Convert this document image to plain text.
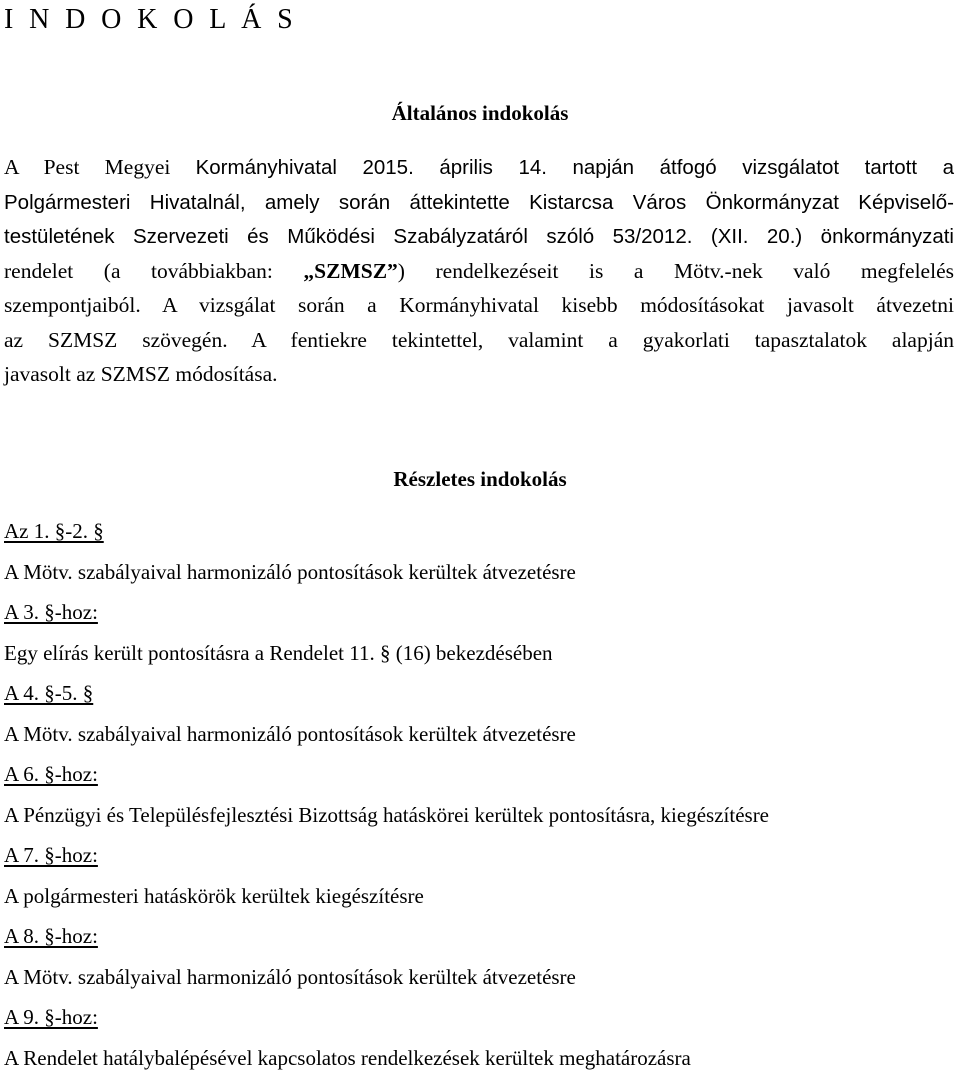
I N D O K O L Á S
Általános indokolás
A Pest Megyei Kormányhivatal 2015. április 14. napján átfogó vizsgálatot tartott a
Polgármesteri Hivatalnál, amely során áttekintette Kistarcsa Város Önkormányzat Képviselő-
testületének Szervezeti és Működési Szabályzatáról szóló 53/2012. (XII. 20.) önkormányzati
rendelet (a továbbiakban: „SZMSZ”) rendelkezéseit is a Mötv.-nek való megfelelés
szempontjaiból. A vizsgálat során a Kormányhivatal kisebb módosításokat javasolt átvezetni
az SZMSZ szövegén. A fentiekre tekintettel, valamint a gyakorlati tapasztalatok alapján
javasolt az SZMSZ módosítása.
Részletes indokolás
Az 1. §-2. §
A Mötv. szabályaival harmonizáló pontosítások kerültek átvezetésre
A 3. §-hoz:
Egy elírás került pontosításra a Rendelet 11. § (16) bekezdésében
A 4. §-5. §
A Mötv. szabályaival harmonizáló pontosítások kerültek átvezetésre
A 6. §-hoz:
A Pénzügyi és Településfejlesztési Bizottság hatáskörei kerültek pontosításra, kiegészítésre
A 7. §-hoz:
A polgármesteri hatáskörök kerültek kiegészítésre
A 8. §-hoz:
A Mötv. szabályaival harmonizáló pontosítások kerültek átvezetésre
A 9. §-hoz:
A Rendelet hatálybalépésével kapcsolatos rendelkezések kerültek meghatározásra
